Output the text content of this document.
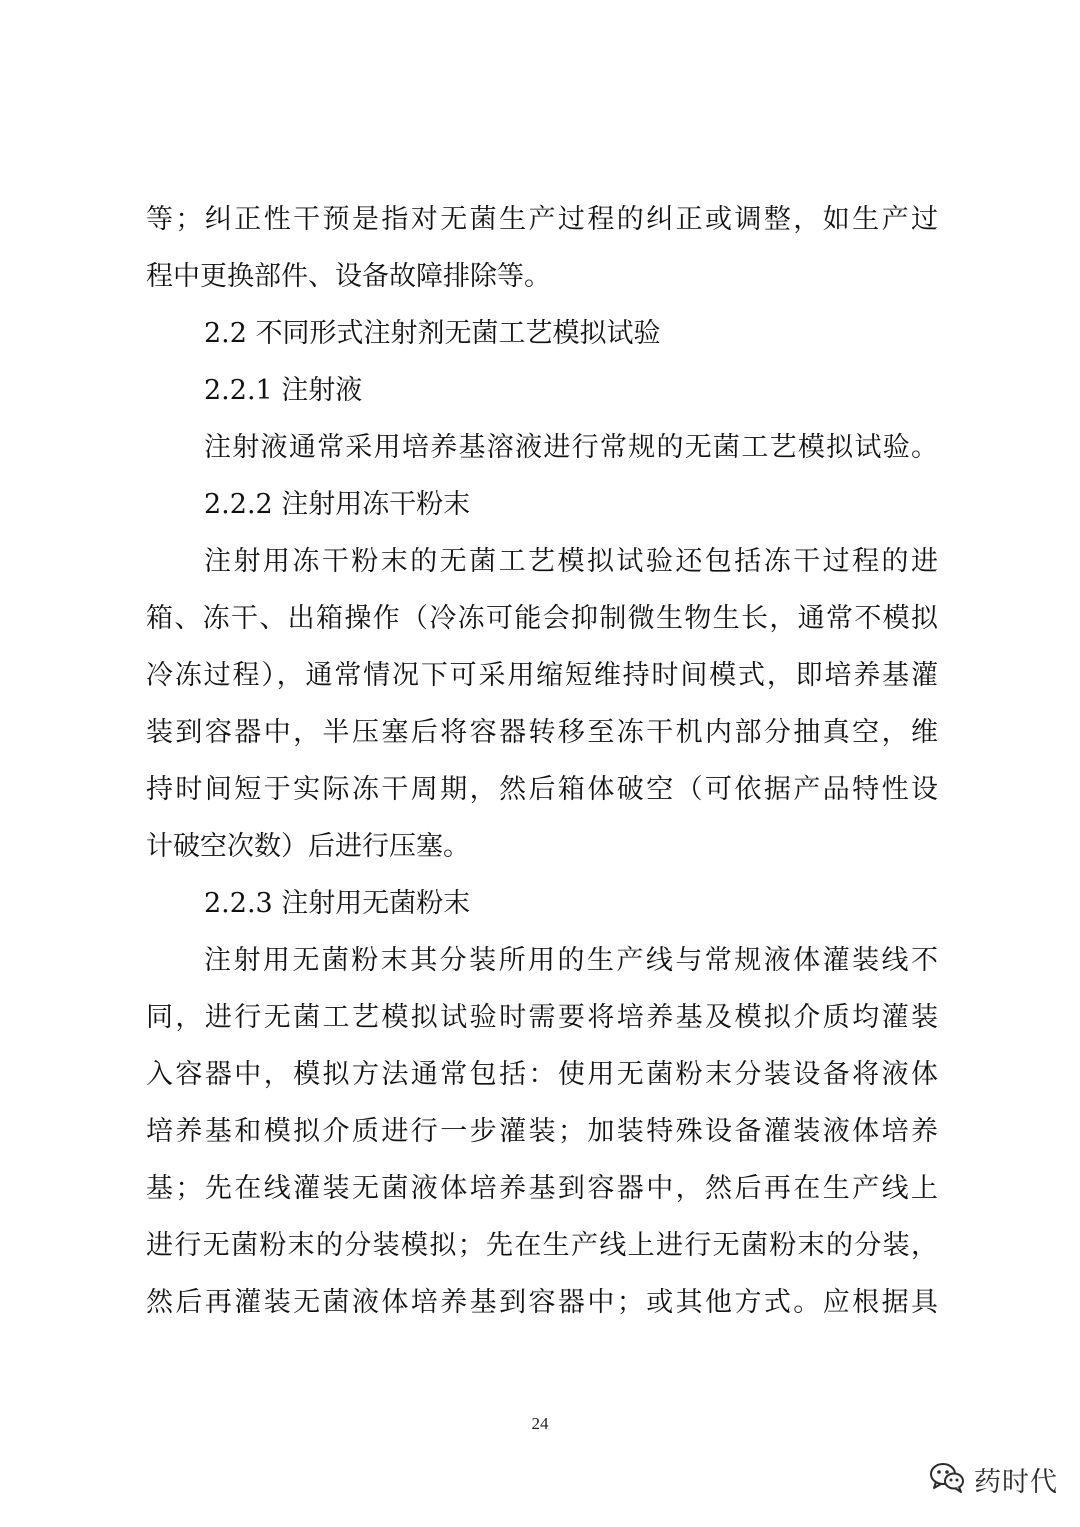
等；纠正性干预是指对无菌生产过程的纠正或调整，如生产过
程中更换部件、设备故障排除等。
2.2 不同形式注射剂无菌工艺模拟试验
2.2.1 注射液
注射液通常采用培养基溶液进行常规的无菌工艺模拟试验。
2.2.2 注射用冻干粉末
注射用冻干粉末的无菌工艺模拟试验还包括冻干过程的进
箱、冻干、出箱操作（冷冻可能会抑制微生物生长，通常不模拟
冷冻过程），通常情况下可采用缩短维持时间模式，即培养基灌
装到容器中，半压塞后将容器转移至冻干机内部分抽真空，维
持时间短于实际冻干周期，然后箱体破空（可依据产品特性设
计破空次数）后进行压塞。
2.2.3 注射用无菌粉末
注射用无菌粉末其分装所用的生产线与常规液体灌装线不
同，进行无菌工艺模拟试验时需要将培养基及模拟介质均灌装
入容器中，模拟方法通常包括：使用无菌粉末分装设备将液体
培养基和模拟介质进行一步灌装；加装特殊设备灌装液体培养
基；先在线灌装无菌液体培养基到容器中，然后再在生产线上
进行无菌粉末的分装模拟；先在生产线上进行无菌粉末的分装，
然后再灌装无菌液体培养基到容器中；或其他方式。应根据具
24
药时代
